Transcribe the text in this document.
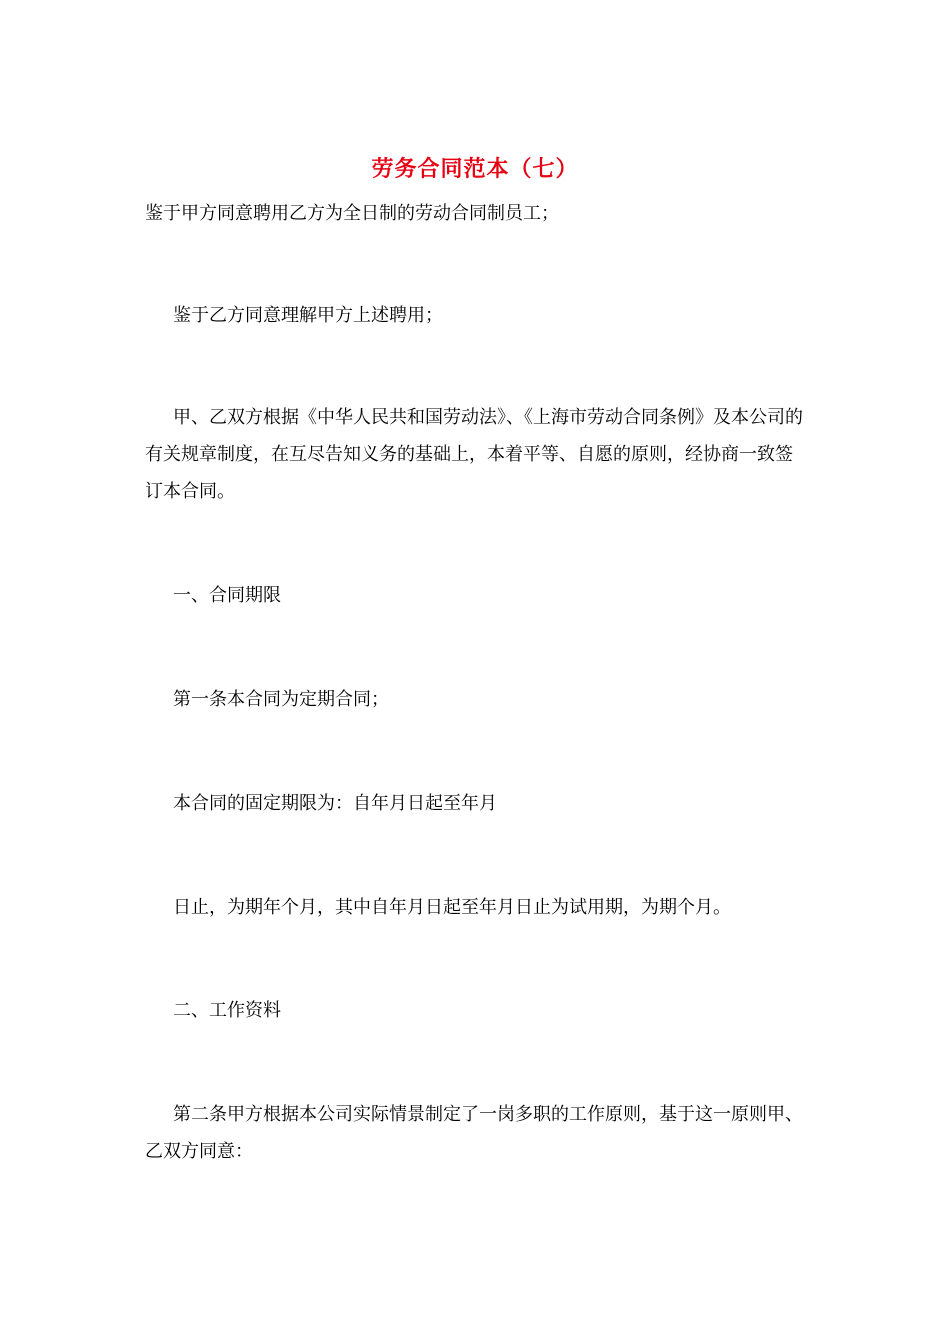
劳务合同范本（七）

鉴于甲方同意聘用乙方为全日制的劳动合同制员工；

鉴于乙方同意理解甲方上述聘用；

甲、乙双方根据《中华人民共和国劳动法》、《上海市劳动合同条例》及本公司的有关规章制度，在互尽告知义务的基础上，本着平等、自愿的原则，经协商一致签订本合同。

一、合同期限

第一条本合同为定期合同；

本合同的固定期限为：自年月日起至年月

日止，为期年个月，其中自年月日起至年月日止为试用期，为期个月。

二、工作资料

第二条甲方根据本公司实际情景制定了一岗多职的工作原则，基于这一原则甲、乙双方同意：
